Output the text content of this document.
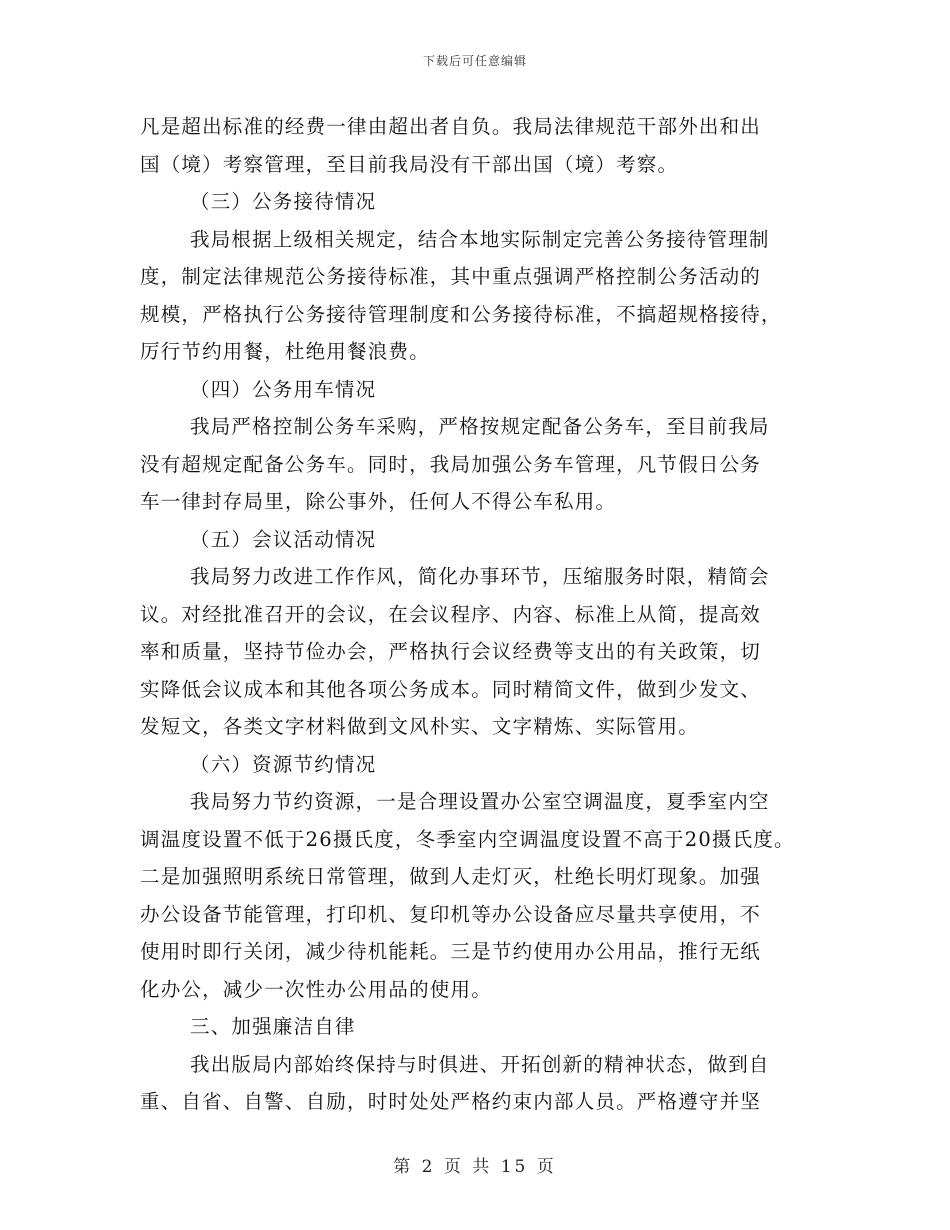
下载后可任意编辑
凡是超出标准的经费一律由超出者自负。我局法律规范干部外出和出
国（境）考察管理，至目前我局没有干部出国（境）考察。
（三）公务接待情况
我局根据上级相关规定，结合本地实际制定完善公务接待管理制
度，制定法律规范公务接待标准，其中重点强调严格控制公务活动的
规模，严格执行公务接待管理制度和公务接待标准，不搞超规格接待，
厉行节约用餐，杜绝用餐浪费。
（四）公务用车情况
我局严格控制公务车采购，严格按规定配备公务车，至目前我局
没有超规定配备公务车。同时，我局加强公务车管理，凡节假日公务
车一律封存局里，除公事外，任何人不得公车私用。
（五）会议活动情况
我局努力改进工作作风，简化办事环节，压缩服务时限，精简会
议。对经批准召开的会议，在会议程序、内容、标准上从简，提高效
率和质量，坚持节俭办会，严格执行会议经费等支出的有关政策，切
实降低会议成本和其他各项公务成本。同时精简文件，做到少发文、
发短文，各类文字材料做到文风朴实、文字精炼、实际管用。
（六）资源节约情况
我局努力节约资源，一是合理设置办公室空调温度，夏季室内空
调温度设置不低于26摄氏度，冬季室内空调温度设置不高于20摄氏度。
二是加强照明系统日常管理，做到人走灯灭，杜绝长明灯现象。加强
办公设备节能管理，打印机、复印机等办公设备应尽量共享使用，不
使用时即行关闭，减少待机能耗。三是节约使用办公用品，推行无纸
化办公，减少一次性办公用品的使用。
三、加强廉洁自律
我出版局内部始终保持与时俱进、开拓创新的精神状态，做到自
重、自省、自警、自励，时时处处严格约束内部人员。严格遵守并坚
第 2 页 共 15 页
